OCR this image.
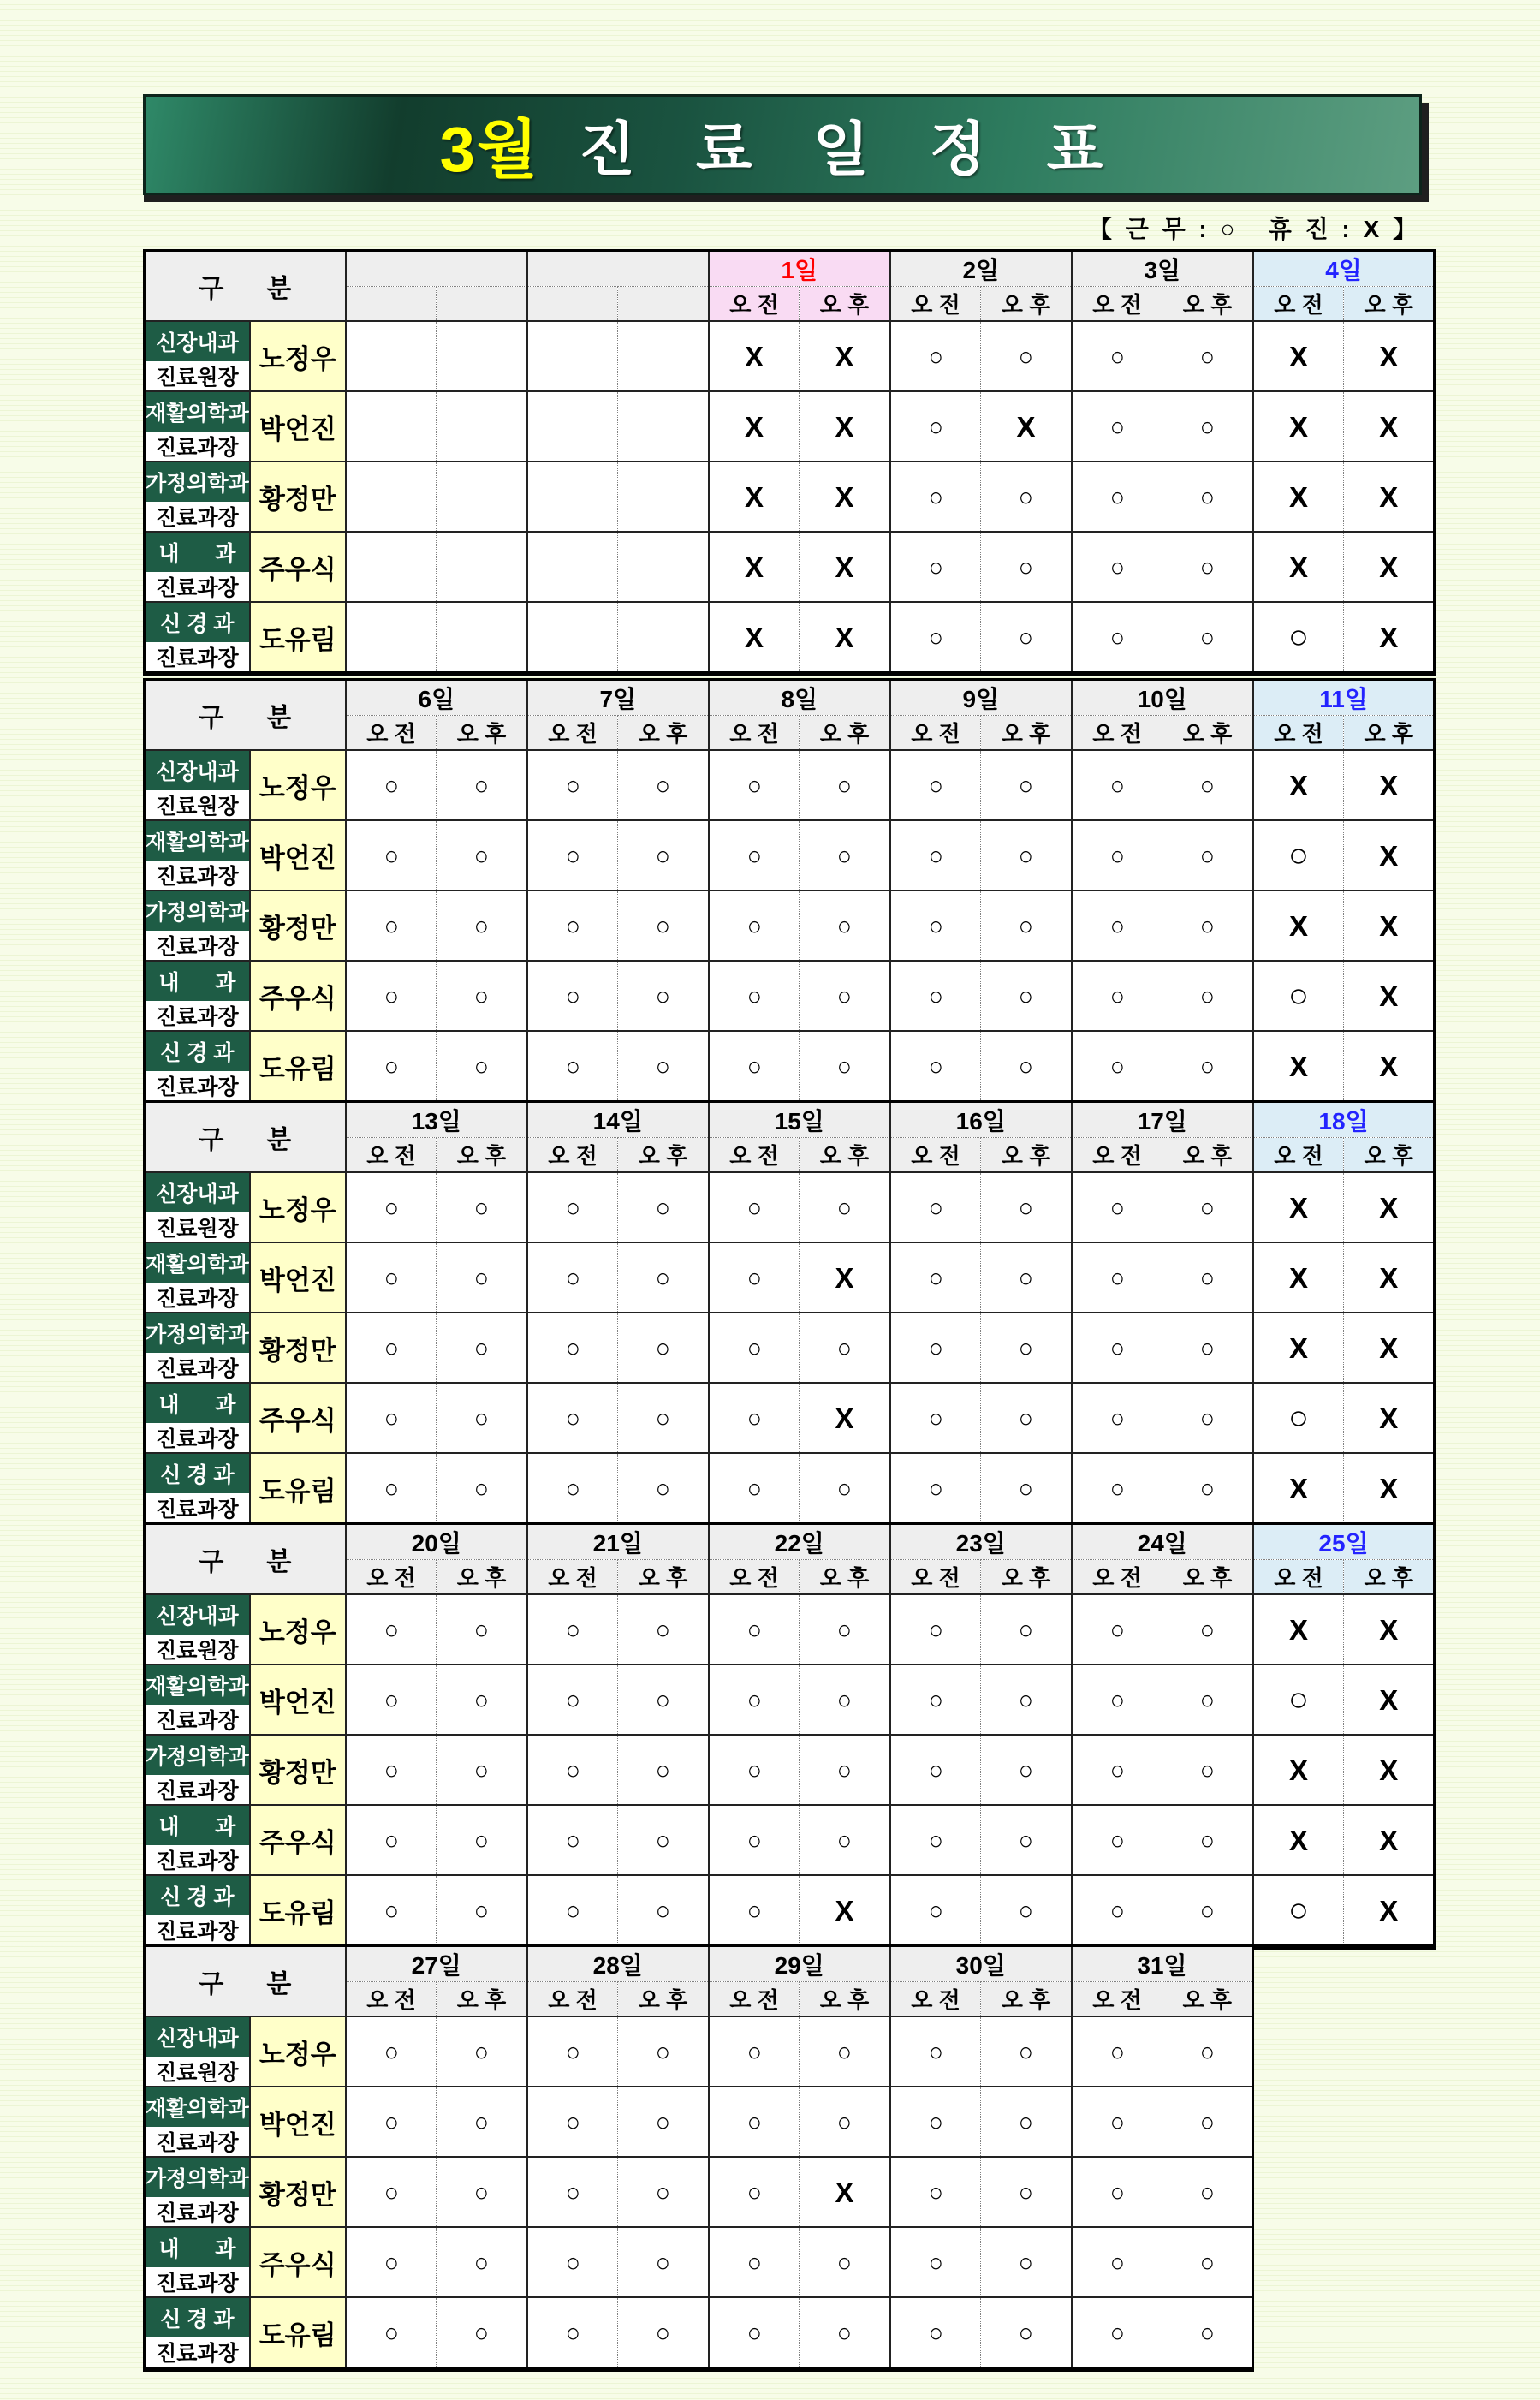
3월 진 료 일 정 표
【 근 무 : ○   휴 진 : X 】
구      분						1일		2일		3일		4일	
						오 전	오 후	오 전	오 후	오 전	오 후	오 전	오 후

신장내과
진료원장	노정우					X	X	○	○	○	○	X	X

재활의학과
진료과장	박언진					X	X	○	X	○	○	X	X

가정의학과
진료과장	황정만					X	X	○	○	○	○	X	X

내      과
진료과장	주우식					X	X	○	○	○	○	X	X

신 경 과
진료과장	도유림					X	X	○	○	○	○	○	X
구      분		6일		7일		8일		9일		10일		11일	
		오 전	오 후	오 전	오 후	오 전	오 후	오 전	오 후	오 전	오 후	오 전	오 후

신장내과
진료원장	노정우	○	○	○	○	○	○	○	○	○	○	X	X

재활의학과
진료과장	박언진	○	○	○	○	○	○	○	○	○	○	○	X

가정의학과
진료과장	황정만	○	○	○	○	○	○	○	○	○	○	X	X

내      과
진료과장	주우식	○	○	○	○	○	○	○	○	○	○	○	X

신 경 과
진료과장	도유림	○	○	○	○	○	○	○	○	○	○	X	X
구      분		13일		14일		15일		16일		17일		18일	
		오 전	오 후	오 전	오 후	오 전	오 후	오 전	오 후	오 전	오 후	오 전	오 후

신장내과
진료원장	노정우	○	○	○	○	○	○	○	○	○	○	X	X

재활의학과
진료과장	박언진	○	○	○	○	○	X	○	○	○	○	X	X

가정의학과
진료과장	황정만	○	○	○	○	○	○	○	○	○	○	X	X

내      과
진료과장	주우식	○	○	○	○	○	X	○	○	○	○	○	X

신 경 과
진료과장	도유림	○	○	○	○	○	○	○	○	○	○	X	X
구      분		20일		21일		22일		23일		24일		25일	
		오 전	오 후	오 전	오 후	오 전	오 후	오 전	오 후	오 전	오 후	오 전	오 후

신장내과
진료원장	노정우	○	○	○	○	○	○	○	○	○	○	X	X

재활의학과
진료과장	박언진	○	○	○	○	○	○	○	○	○	○	○	X

가정의학과
진료과장	황정만	○	○	○	○	○	○	○	○	○	○	X	X

내      과
진료과장	주우식	○	○	○	○	○	○	○	○	○	○	X	X

신 경 과
진료과장	도유림	○	○	○	○	○	X	○	○	○	○	○	X
구      분		27일		28일		29일		30일		31일	
		오 전	오 후	오 전	오 후	오 전	오 후	오 전	오 후	오 전	오 후

신장내과
진료원장	노정우	○	○	○	○	○	○	○	○	○	○

재활의학과
진료과장	박언진	○	○	○	○	○	○	○	○	○	○

가정의학과
진료과장	황정만	○	○	○	○	○	X	○	○	○	○

내      과
진료과장	주우식	○	○	○	○	○	○	○	○	○	○

신 경 과
진료과장	도유림	○	○	○	○	○	○	○	○	○	○
